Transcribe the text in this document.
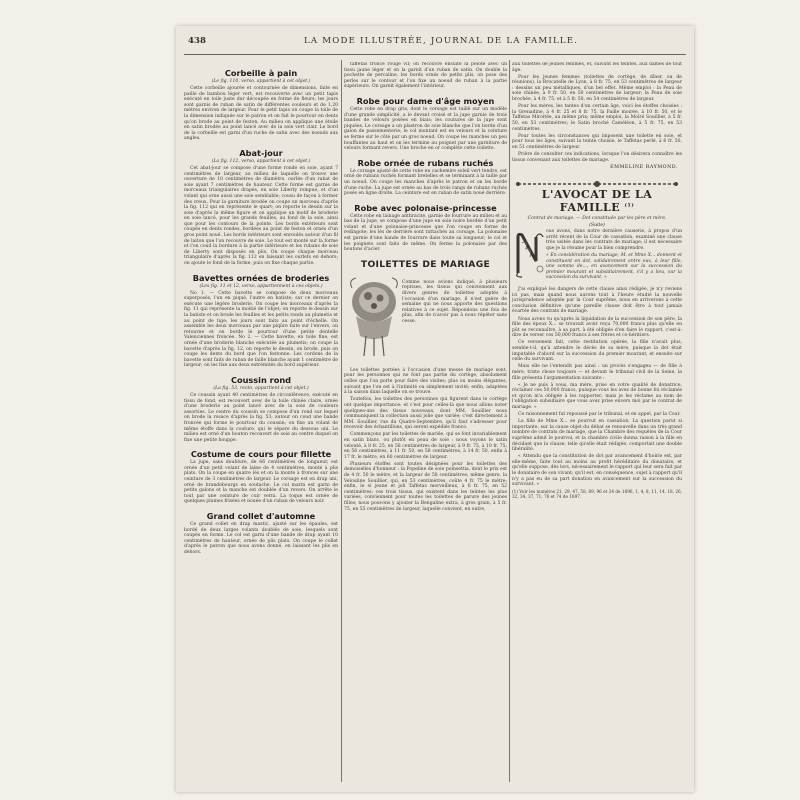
438	LA MODE ILLUSTRÉE, JOURNAL DE LA FAMILLE.
Corbeille à pain
(Le fig. 110, verso, appartient à cet objet.)

Cette corbeille ajourée et contournée de dimensions, faite en paille de bambou léger vert, est recouverte avec un petit tapis exécuté en toile juste dur découpée en forme de fleurs; les jours sont garnis de ruban de satin de différentes couleurs et de 1,20 mètres environ de largeur. Pour le petit tapis on coupe la toile de la dimension indiquée sur le patron et on fait le pourtour en dents qu'on brode au point de feston. Au milieu on applique une étoile en satin brodée au point lancé avec de la soie vert clair. Le bord de la corbeille est garni d'un ruche de satin avec des noeuds aux angles.

Abat-jour
(La fig. 112, verso, appartient à cet objet.)

Cet abat-jour se compose d'une forme ronde en soie, ayant 7 centimètres de largeur, au milieu de laquelle on trouve une ouverture de 10 centimètres de diamètre, ourlée d'un rabat de soie ayant 7 centimètres de hauteur. Cette forme est garnie de morceaux triangulaires drapés, en soie Liberty rompue, et d'un volant qui orne aussi une soie semblable; cousu de façon à former des creux. Pour la garniture brodée on coupe un morceau d'après la fig. 112 qui en représente le quart; on reporte le dessin sur la soie d'après la même figure et on applique un motif de broderie en soie lancé, pour les grands feuilles, au fond de la soie, ainsi que pour les contours de la pointe. Les bords extérieurs sont coupés en dents rondes, bordées au point de feston et ornés d'un gros point noué. Les bords intérieurs sont enroulés autour d'un fil de laiton que l'on recouvre de soie. Le tout est monté sur la forme et l'on coud la bordure à la partie inférieure et les rubans de soie de Liberty sont disposés en plis. On coupe chaque morceau triangulaire d'après la fig. 112 en laissant les ourlets en dehors; on ajoute le fond de la forme, puis on fixe chaque partie.

Bavettes ornées de broderies
(Les fig. 11 et 12, verso, appartiennent à ces objets.)

No 1. — Cette bavette se compose de deux morceaux superposés, l'un en piqué, l'autre en batiste; sur ce dernier on exécute une légère broderie. On coupe les morceaux d'après la fig. 11 qui représente la moitié de l'objet; on reporte le dessin sur la batiste et on brode les feuilles et les petits ronds au plumetis et au point de tige; les jours sont faits au point d'échelle. On assemble les deux morceaux par une piqûre faite sur l'envers, on retourne et on borde le pourtour d'une petite dentelle Valenciennes froncée. No 2. — Cette bavette, en toile fine, est ornée d'une broderie blanche exécutée au plumetis; on coupe la bavette d'après la fig. 12, on reporte le dessin, on brode, puis on coupe les dents du bord que l'on festonne. Les cordons de la bavette sont faits de ruban de faille blanche ayant 1 centimètre de largeur; on les fixe aux deux extrémités du bord supérieur.

Coussin rond
(La fig. 53, recto, appartient à cet objet.)

Ce coussin ayant 40 centimètres de circonférence, exécuté en tissu de fond, est recouvert avec de la toile chinée claire, ornée d'une broderie au point lancé avec de la soie de couleurs assorties. Le centre du coussin se compose d'un rond sur lequel on brode la rosace d'après la fig. 53; autour on coud une bande froncée qui forme le pourtour du coussin; on fixe un volant de même étoffe dans la couture, qui le sépare du dessous uni. Le milieu est orné d'un bouton recouvert de soie au centre duquel on fixe une petite houppe.

Costume de cours pour fillette

La jupe, sans doublure, de 66 centimètres de longueur, est ornée d'un petit volant de laine de 4 centimètres, monté à plis plats. On la coupe en quatre lés et on la monte à fronces sur une ceinture de 3 centimètres de largeur. Le corsage est en drap uni, orné de brandebourgs en soutache. Le col marin est garni de petits galons et la manche est doublée d'un revers. On arrête le tout par une ceinture de cuir verni. La toque est ornée de quelques plumes frisées et nouée d'un ruban de velours noir.

Grand collet d'automne

Ce grand collet en drap mastic, ajusté sur les épaules, est bordé de deux larges volants doublés de soie, lesquels sont coupés en forme. Le col est garni d'une bande de drap ayant 10 centimètres de hauteur, ornée de plis plats. On coupe le collet d'après le patron que nous avons donné, en laissant les plis en dehors.

taffetas froncé rouge vif; on recouvre ensuite la pelote avec un tissu jaune léger et on la garnit d'un ruban de satin. On double la pochette de percaline, les bords ornés de petits plis, on pose des perles sur le contour et l'on fixe un noeud de ruban à la partie supérieure. On garnit également l'intérieur.

Robe pour dame d'âge moyen

Cette robe en drap gris, dont le corsage est taillé sur un modèle d'une grande simplicité, a le devant croisé et la jupe garnie de trois bandes de velours posées en biais; les coutures de la jupe sont piquées. Le corsage a un plastron de soie blanche que l'on borde d'un galon de passementerie; le col montant est en velours et la ceinture se ferme sur le côté par un gros noeud. On coupe les manches un peu bouffantes au haut et on les termine au poignet par une garniture de velours formant revers. Une broche en or complète cette toilette.

Robe ornée de rubans ruchés

Le corsage ajusté de cette robe en cachemire soleil vert tendre, est orné de rubans ruchés formant bretelles et se terminant à la taille par un noeud. On coupe les manches d'après le patron et on les borde d'une ruche. La jupe est ornée au bas de trois rangs de rubans ruchés posés en ligne droite. La ceinture est en ruban de satin noué derrière.

Robe avec polonaise-princesse

Cette robe en lainage anthracite, garnie de fourrure au milieu et au bas de la jupe, se compose d'une jupe en soie noire bordée d'un petit volant et d'une polonaise-princesse que l'on coupe en forme de redingote; les lés de derrière sont rattachés au corsage. La polonaise est garnie d'une bande de fourrure dans toute sa longueur; le col et les poignets sont faits de même. On ferme la polonaise par des boutons d'acier.

TOILETTES DE MARIAGE

Comme nous avions indiqué, à plusieurs reprises, les tissus qui conviennent aux divers genres de toilettes adoptés à l'occasion d'un mariage, il n'est guère de semaine qui ne nous apporte des questions relatives à ce sujet. Répondons une fois de plus, afin de n'avoir pas à nous répéter sans cesse.

Les toilettes portées à l'occasion d'une messe de mariage sont, pour les personnes qui ne font pas partie du cortège, absolument celles que l'on porte pour faire des visites; plus ou moins élégantes, suivant que l'on est à l'intimité ou simplement invité; enfin, adaptées à la saison dans laquelle on se trouve.

Toutefois, les toilettes des personnes qui figurent dans le cortège ont quelque importance: et c'est pour celles-là que nous allons noter quelques-uns des tissus nouveaux, dont MM. Souillier nous communiquent la collection aussi jolie que variée; c'est directement à MM. Souillier, rue du Quatre-Septembre, qu'il faut s'adresser pour recevoir des échantillons, qui seront expédiés franco.

Commençons par les toilettes de mariée, qui se font invariablement en satin blanc, ou plutôt en peau de soie : nous voyons le satin velouté, à 8 fr. 25, en 58 centimètres de largeur, à 9 fr. 75, à 10 fr. 75; en 56 centimètres, à 11 fr. 50, en 58 centimètres, à 14 fr. 50, enfin à 17 fr. le mètre, en 60 centimètres de largeur.

Plusieurs étoffes sont toutes désignées pour les toilettes des demoiselles d'honneur : la Popeline de soie poinsettia, dont le prix est de 4 fr. 50 le mètre, et la largeur de 58 centimètres; même genre, la Velouline Souillier, qui, en 53 centimètres, coûte 4 fr. 75 le mètre; enfin, le si jeune et joli Taffetas merveilleux, à 6 fr. 75, en 52 centimètres; ces trois tissus, qui existent dans les teintes les plus variées, conviennent pour toutes les toilettes de parure des jeunes filles; nous pouvons y ajouter la Bengaline extra, à gros grain, à 5 fr. 75, en 55 centimètres de largeur, laquelle convient, en outre,

aux toilettes de jeunes femmes, et, suivant les teintes, aux dames de tout âge.

Pour les jeunes femmes (toilettes de cortège, de dîner, ou de réunions), la Brocatelle de Lyon, à 8 fr. 75, en 53 centimètres de largeur : dessins un peu métalliques, d'un bel effet. Même emploi : la Peau de soie chinée, à 9 fr. 50, en 50 centimètres de largeur; la Peau de soie brochée, à 4 fr. 75, et à 5 fr. 50, en 54 centimètres de largeur.

Pour les mères, les tantes d'un certain âge, voici les étoffes choisies : la Grenadine, à 4 fr. 25 et 8 fr. 75, la Faille moirée, à 10 fr. 50, et le Taffetas Miroitée, au même prix; même emploi, la Moiré Souillier, à 5 fr. 50, en 53 centimètres; le Satin broché Caméléon, à 5 fr. 75, en 53 centimètres.

Pour toutes les circonstances qui imposent une toilette en soie, et pour tous les âges, suivant la teinte choisie, le Taffetas perlé, à 6 fr. 50, en 51 centimètres de largeur.

Prière de consulter ces indications, lorsque l'on désirera connaître les tissus convenant aux toilettes de mariage.

EMMELINE RAYMOND.
L'AVOCAT DE LA FAMILLE $^{(1)}$
Contrat de mariage. — Dot constituée par les père et mère.
(Suite)

ous avons, dans notre dernière causerie, à propos d'un arrêt récent de la Cour de cassation, examiné une clause très usitée dans les contrats de mariage; il est nécessaire que je la résume pour la bien comprendre.

« En considération du mariage, M. et Mme X... donnent et constituent en dot, solidairement entre eux, à leur fille, une somme de..., en avancement sur la succession du premier mourant et subsidiairement, s'il y a lieu, sur la succession du survivant. »

J'ai expliqué les dangers de cette clause ainsi rédigée, je n'y reviens ici pas, mais quand nous aurons tout à l'heure étudié la nouvelle jurisprudence adoptée par la Cour suprême, nous en arriverons à cette conclusion définitive qu'une pareille clause doit être à tout jamais écartée des contrats de mariage.

Nous avons vu qu'après la liquidation de la succession de son père, la fille des époux X... se trouvait avoir reçu 70,000 francs plus qu'elle en pût se reconnaître, à sa part, à été obligée d'en faire le rapport, c'est-à-dire de verser ces 50,000 francs à ses frères et co-héritiers.

Ce versement fait, cette restitution opérée, la fille n'avait plus, semble-t-il, qu'à attendre le décès de sa mère, puisque la dot était imputable d'abord sur la succession du premier mourant, et ensuite sur celle du survivant.

Mais elle ne l'entendit pas ainsi : un procès s'engagea — de fille à mère, triste chose toujours — et devant le tribunal civil de la Seine, la fille présenta l'argumentation suivante :

« Je ne puis à vous, ma mère, prise en votre qualité de donatrice, réclamer ces 50,000 francs, puisque vous les avez de bonne foi réclamés et qu'on m'a obligée à les rapporter; mais je les réclame au nom de l'obligation subsidiaire que vous avez prise envers moi par le contrat de mariage. »

Ce raisonnement fut repoussé par le tribunal, et en appel, par la Cour.

La fille de Mme X... se pourvut en cassation. La question parut si importante, sur la cause objet du débat se renouvelle dans un très grand nombre de contrats de mariage, que la Chambre des requêtes de la Cour suprême admit le pourvoi, et la chambre civile donna raison à la fille en décidant que la clause, telle qu'elle était rédigée, comportait une double libéralité.

« Attendu que la constitution de dot par avancement d'hoirie est, par elle-même, faite tout au moins au profit héréditaire du donataire, et qu'elle suppose, dès lors, nécessairement le rapport qui leur sera fait par le donataire de son vivant; qu'il est, en conséquence, sujet à rapport qu'il n'y a pas eu de sa part donation en avancement sur la succession du survivant. »

(1) Voir les numéros 21, 29, 47, 58, 89, 96 et 34 de 1896, 1, 4, 8, 11, 14, 18, 26, 32, 34, 37, 71, 76 et 74 de 1897.
